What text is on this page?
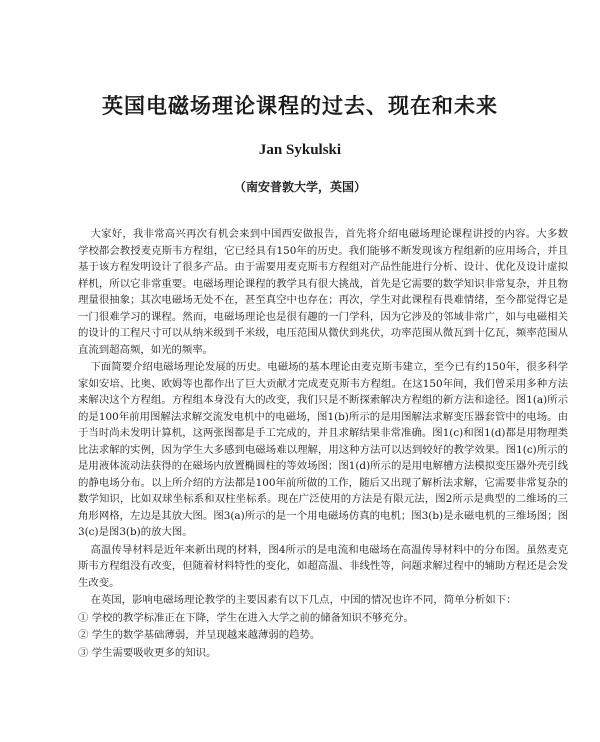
英国电磁场理论课程的过去、现在和未来
Jan Sykulski
（南安普敦大学，英国）

大家好，我非常高兴再次有机会来到中国西安做报告，首先将介绍电磁场理论课程讲授的内容。大多数学校都会教授麦克斯韦方程组，它已经具有150年的历史。我们能够不断发现该方程组新的应用场合，并且基于该方程发明设计了很多产品。由于需要用麦克斯韦方程组对产品性能进行分析、设计、优化及设计虚拟样机，所以它非常重要。电磁场理论课程的教学具有很大挑战，首先是它需要的数学知识非常复杂，并且物理量很抽象；其次电磁场无处不在，甚至真空中也存在；再次，学生对此课程有畏难情绪，至今都觉得它是一门很难学习的课程。然而，电磁场理论也是很有趣的一门学科，因为它涉及的邻域非常广，如与电磁相关的设计的工程尺寸可以从纳米级到千米级，电压范围从微伏到兆伏，功率范围从微瓦到十亿瓦，频率范围从直流到超高频，如光的频率。

下面简要介绍电磁场理论发展的历史。电磁场的基本理论由麦克斯韦建立，至今已有约150年，很多科学家如安培、比奥、欧姆等也都作出了巨大贡献才完成麦克斯韦方程组。在这150年间，我们曾采用多种方法来解决这个方程组。方程组本身没有大的改变，我们只是不断探索解决方程组的新方法和途径。图1(a)所示的是100年前用图解法求解交流发电机中的电磁场，图1(b)所示的是用图解法求解变压器套管中的电场。由于当时尚未发明计算机，这两张图都是手工完成的，并且求解结果非常准确。图1(c)和图1(d)都是用物理类比法求解的实例，因为学生大多感到电磁场难以理解，用这种方法可以达到较好的教学效果。图1(c)所示的是用液体流动法获得的在磁场内放置椭圆柱的等效场图；图1(d)所示的是用电解槽方法模拟变压器外壳引线的静电场分布。以上所介绍的方法都是100年前所做的工作，随后又出现了解析法求解，它需要非常复杂的数学知识，比如双球坐标系和双柱坐标系。现在广泛使用的方法是有限元法，图2所示是典型的二维场的三角形网格，左边是其放大图。图3(a)所示的是一个用电磁场仿真的电机；图3(b)是永磁电机的三维场图；图3(c)是图3(b)的放大图。

高温传导材料是近年来新出现的材料，图4所示的是电流和电磁场在高温传导材料中的分布图。虽然麦克斯韦方程组没有改变，但随着材料特性的变化，如超高温、非线性等，问题求解过程中的辅助方程还是会发生改变。

在英国，影响电磁场理论教学的主要因素有以下几点，中国的情况也许不同，简单分析如下：

① 学校的教学标准正在下降，学生在进入大学之前的储备知识不够充分。
② 学生的数学基础薄弱，并呈现越来越薄弱的趋势。
③ 学生需要吸收更多的知识。
